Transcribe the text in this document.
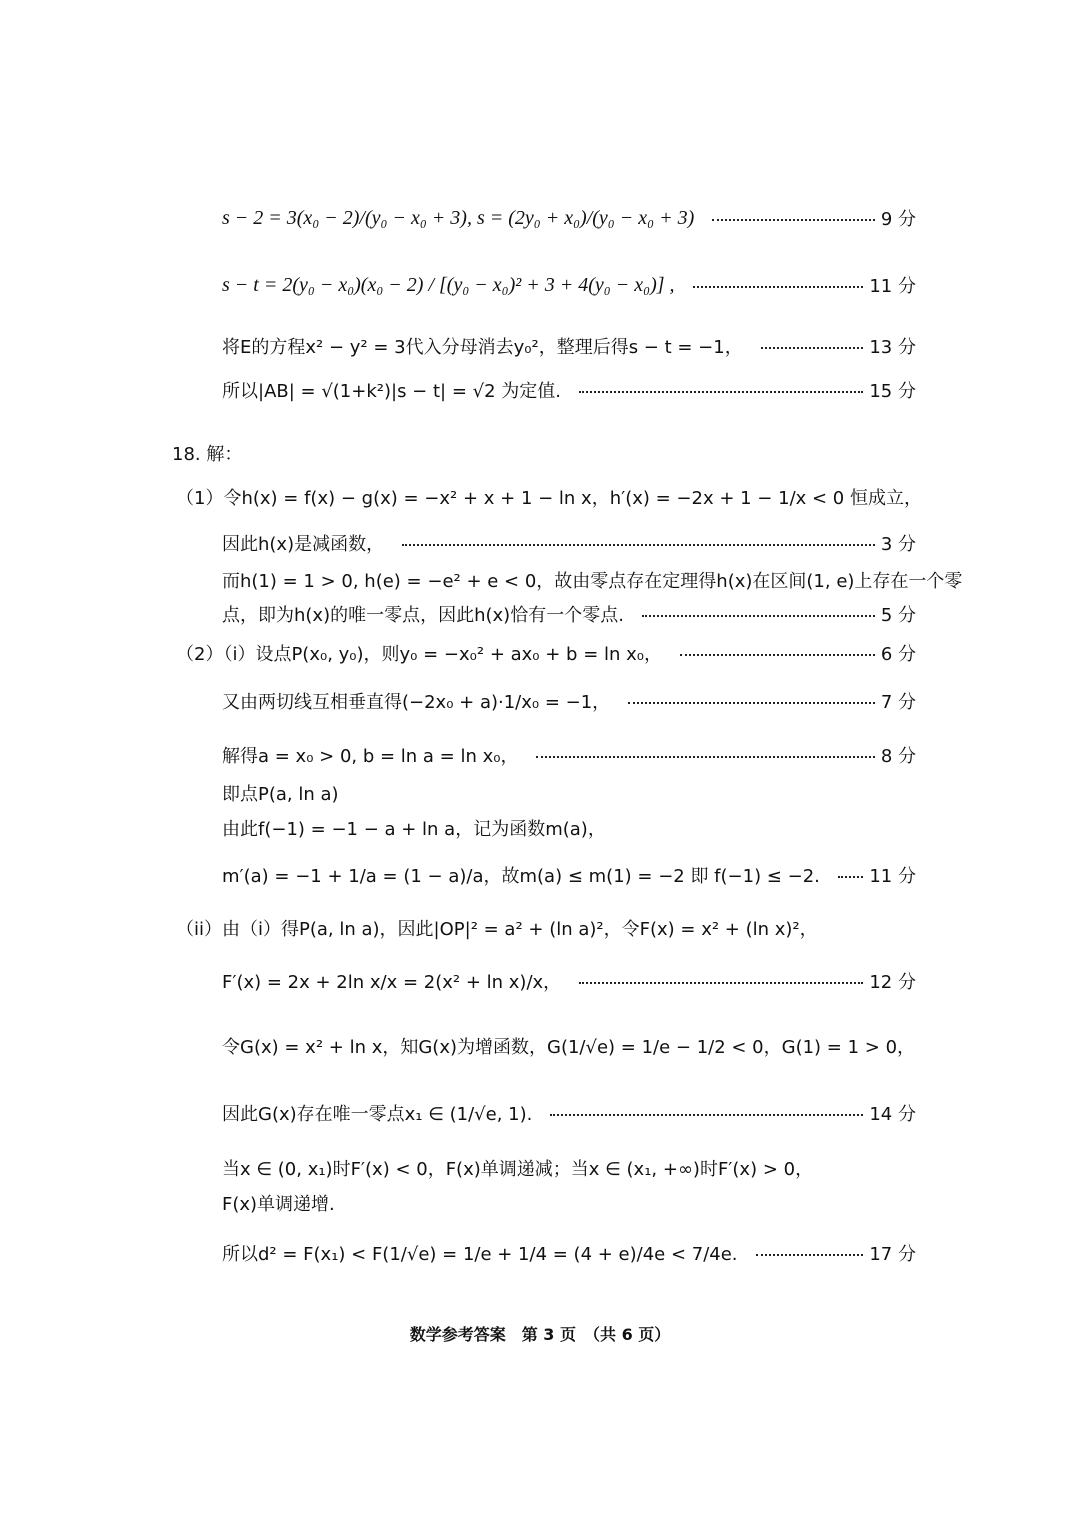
s − 2 = 3(x₀ − 2)/(y₀ − x₀ + 3), s = (2y₀ + x₀)/(y₀ − x₀ + 3)	9 分
s − t = 2(y₀ − x₀)(x₀ − 2) / [(y₀ − x₀)² + 3 + 4(y₀ − x₀)] ,	11 分
将E的方程x² − y² = 3代入分母消去y₀²，整理后得s − t = −1，	13 分
所以|AB| = √(1+k²)|s − t| = √2 为定值.	15 分
18. 解：
（1）令h(x) = f(x) − g(x) = −x² + x + 1 − ln x，h′(x) = −2x + 1 − 1/x < 0 恒成立，
因此h(x)是减函数，	3 分
而h(1) = 1 > 0, h(e) = −e² + e < 0，故由零点存在定理得h(x)在区间(1, e)上存在一个零
点，即为h(x)的唯一零点，因此h(x)恰有一个零点.	5 分
（2）（i）设点P(x₀, y₀)，则y₀ = −x₀² + ax₀ + b = ln x₀，	6 分
又由两切线互相垂直得(−2x₀ + a)·1/x₀ = −1，	7 分
解得a = x₀ > 0, b = ln a = ln x₀，	8 分
即点P(a, ln a)
由此f(−1) = −1 − a + ln a，记为函数m(a)，
m′(a) = −1 + 1/a = (1 − a)/a，故m(a) ≤ m(1) = −2 即 f(−1) ≤ −2.	11 分
（ii）由（i）得P(a, ln a)，因此|OP|² = a² + (ln a)²，令F(x) = x² + (ln x)²，
F′(x) = 2x + 2ln x/x = 2(x² + ln x)/x，	12 分
令G(x) = x² + ln x，知G(x)为增函数，G(1/√e) = 1/e − 1/2 < 0，G(1) = 1 > 0，
因此G(x)存在唯一零点x₁ ∈ (1/√e, 1).	14 分
当x ∈ (0, x₁)时F′(x) < 0，F(x)单调递减；当x ∈ (x₁, +∞)时F′(x) > 0，
F(x)单调递增.
所以d² = F(x₁) < F(1/√e) = 1/e + 1/4 = (4 + e)/4e < 7/4e.	17 分
数学参考答案　第 3 页　（共 6 页）
